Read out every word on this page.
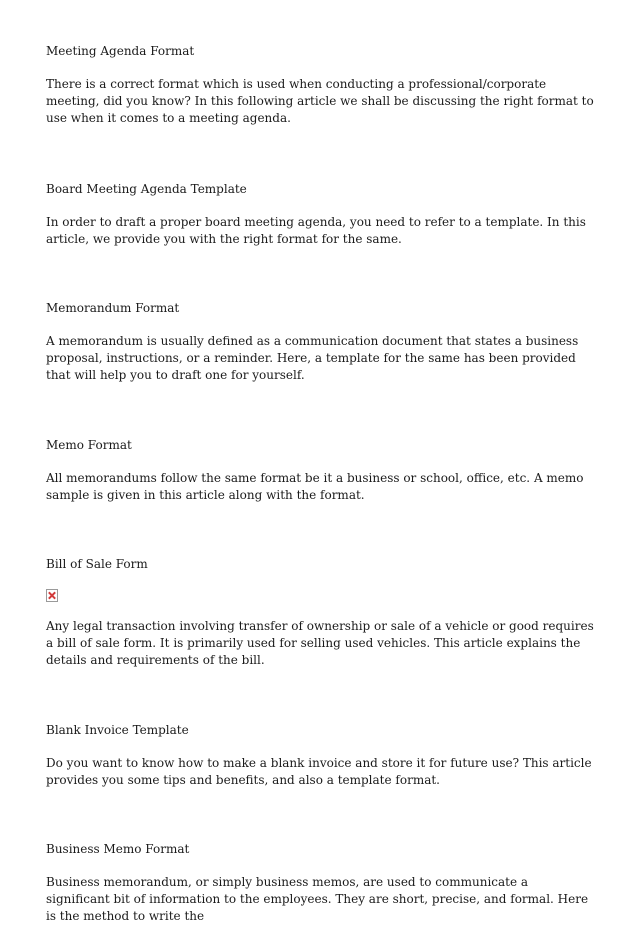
Meeting Agenda Format

There is a correct format which is used when conducting a professional/corporate meeting, did you know? In this following article we shall be discussing the right format to use when it comes to a meeting agenda.

Board Meeting Agenda Template

In order to draft a proper board meeting agenda, you need to refer to a template. In this article, we provide you with the right format for the same.

Memorandum Format

A memorandum is usually defined as a communication document that states a business proposal, instructions, or a reminder. Here, a template for the same has been provided that will help you to draft one for yourself.

Memo Format

All memorandums follow the same format be it a business or school, office, etc. A memo sample is given in this article along with the format.

Bill of Sale Form

Any legal transaction involving transfer of ownership or sale of a vehicle or good requires a bill of sale form. It is primarily used for selling used vehicles. This article explains the details and requirements of the bill.

Blank Invoice Template

Do you want to know how to make a blank invoice and store it for future use? This article provides you some tips and benefits, and also a template format.

Business Memo Format

Business memorandum, or simply business memos, are used to communicate a significant bit of information to the employees. They are short, precise, and formal. Here is the method to write the
